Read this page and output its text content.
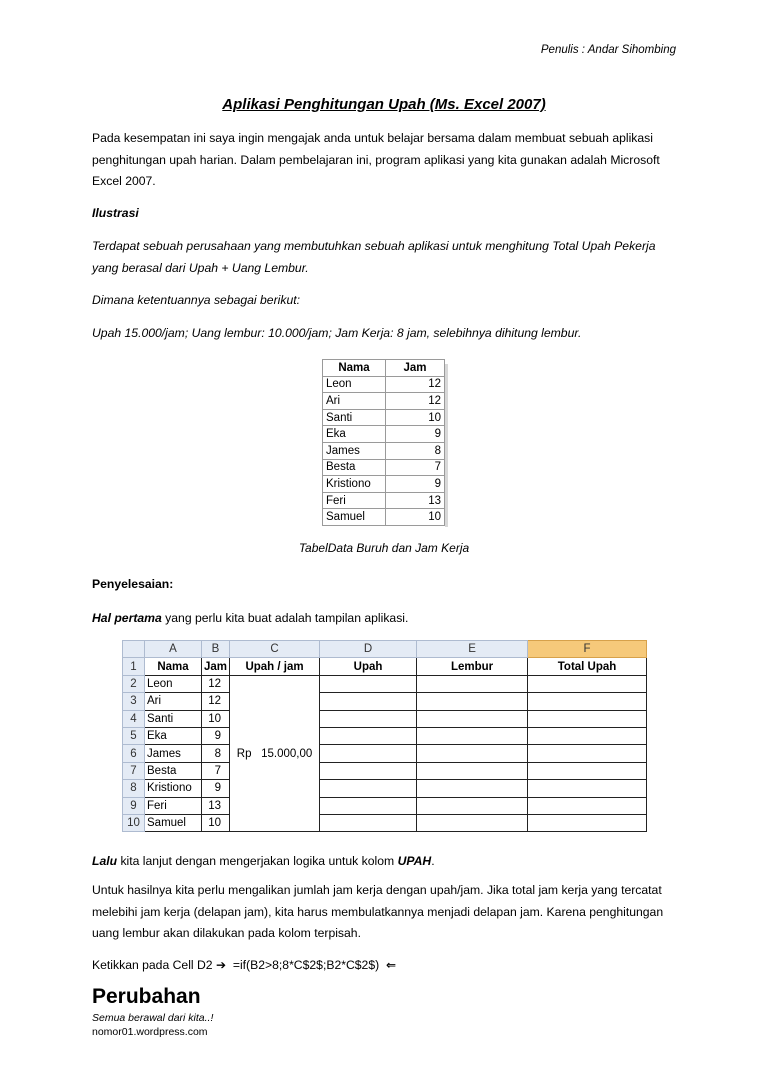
Penulis : Andar Sihombing
Aplikasi Penghitungan Upah (Ms. Excel 2007)

Pada kesempatan ini saya ingin mengajak anda untuk belajar bersama dalam membuat sebuah aplikasi penghitungan upah harian. Dalam pembelajaran ini, program aplikasi yang kita gunakan adalah Microsoft Excel 2007.

Ilustrasi

Terdapat sebuah perusahaan yang membutuhkan sebuah aplikasi untuk menghitung Total Upah Pekerja yang berasal dari Upah + Uang Lembur.

Dimana ketentuannya sebagai berikut:

Upah 15.000/jam; Uang lembur: 10.000/jam; Jam Kerja: 8 jam, selebihnya dihitung lembur.

Nama	Jam
Leon	12
Ari	12
Santi	10
Eka	9
James	8
Besta	7
Kristiono	9
Feri	13
Samuel	10
TabelData Buruh dan Jam Kerja

Penyelesaian:

Hal pertama yang perlu kita buat adalah tampilan aplikasi.

	A	B	C	D	E	F
1	Nama	Jam	Upah / jam	Upah	Lembur	Total Upah
2	Leon	12	Rp 15.000,00			
3	Ari	12				
4	Santi	10				
5	Eka	9				
6	James	8				
7	Besta	7				
8	Kristiono	9				
9	Feri	13				
10	Samuel	10				

Lalu kita lanjut dengan mengerjakan logika untuk kolom UPAH.

Untuk hasilnya kita perlu mengalikan jumlah jam kerja dengan upah/jam. Jika total jam kerja yang tercatat melebihi jam kerja (delapan jam), kita harus membulatkannya menjadi delapan jam. Karena penghitungan uang lembur akan dilakukan pada kolom terpisah.

Ketikkan pada Cell D2 ➔ =if(B2>8;8*C$2$;B2*C$2$) ⇐

Perubahan
Semua berawal dari kita..!
nomor01.wordpress.com
